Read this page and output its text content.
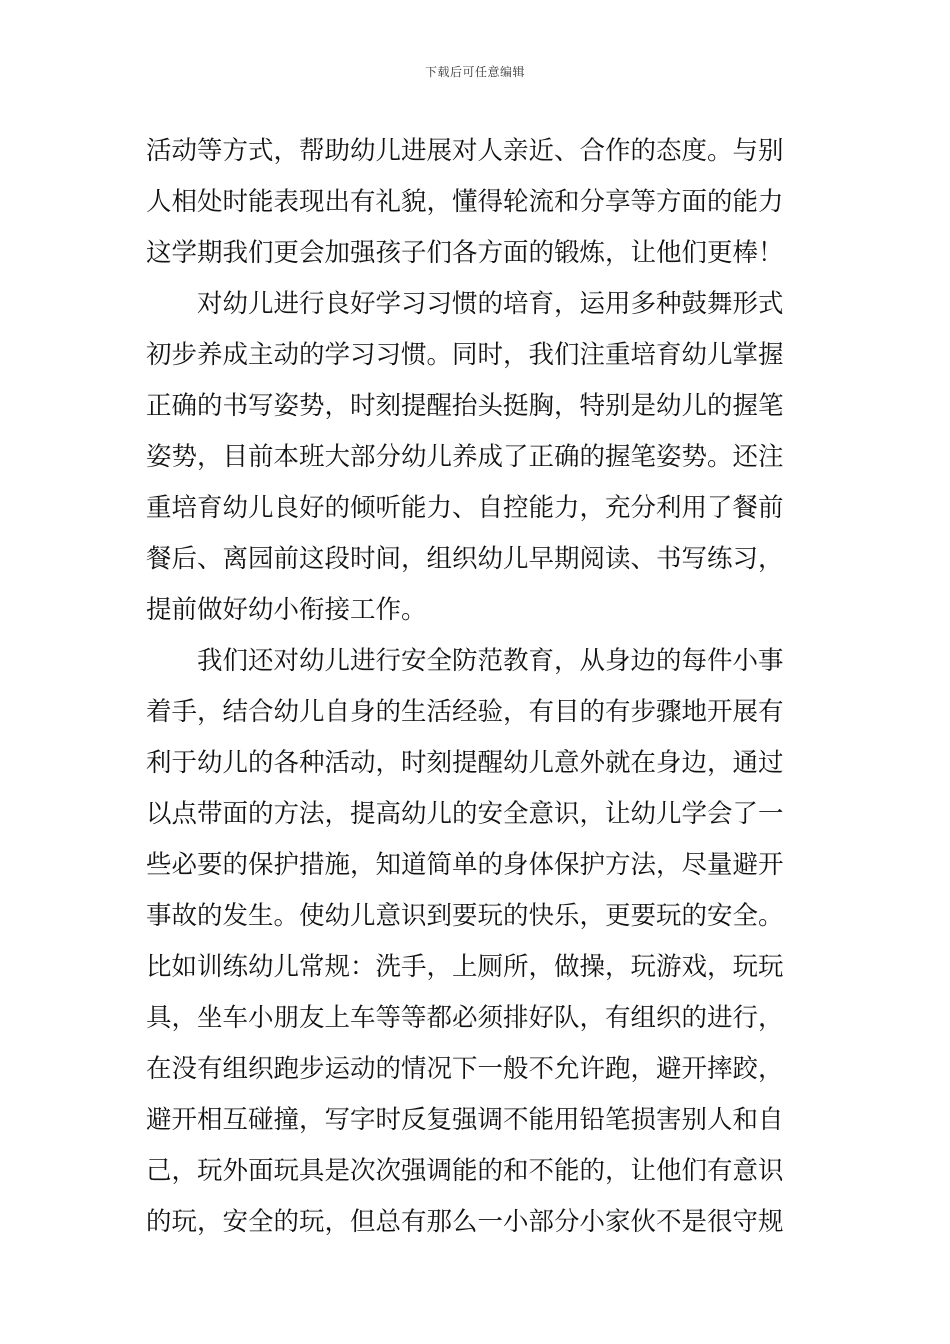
下载后可任意编辑
活动等方式，帮助幼儿进展对人亲近、合作的态度。与别
人相处时能表现出有礼貌，懂得轮流和分享等方面的能力
这学期我们更会加强孩子们各方面的锻炼，让他们更棒！
对幼儿进行良好学习习惯的培育，运用多种鼓舞形式
初步养成主动的学习习惯。同时，我们注重培育幼儿掌握
正确的书写姿势，时刻提醒抬头挺胸，特别是幼儿的握笔
姿势，目前本班大部分幼儿养成了正确的握笔姿势。还注
重培育幼儿良好的倾听能力、自控能力，充分利用了餐前
餐后、离园前这段时间，组织幼儿早期阅读、书写练习，
提前做好幼小衔接工作。
我们还对幼儿进行安全防范教育，从身边的每件小事
着手，结合幼儿自身的生活经验，有目的有步骤地开展有
利于幼儿的各种活动，时刻提醒幼儿意外就在身边，通过
以点带面的方法，提高幼儿的安全意识，让幼儿学会了一
些必要的保护措施，知道简单的身体保护方法，尽量避开
事故的发生。使幼儿意识到要玩的快乐，更要玩的安全。
比如训练幼儿常规：洗手，上厕所，做操，玩游戏，玩玩
具，坐车小朋友上车等等都必须排好队，有组织的进行，
在没有组织跑步运动的情况下一般不允许跑，避开摔跤，
避开相互碰撞，写字时反复强调不能用铅笔损害别人和自
己，玩外面玩具是次次强调能的和不能的，让他们有意识
的玩，安全的玩，但总有那么一小部分小家伙不是很守规
